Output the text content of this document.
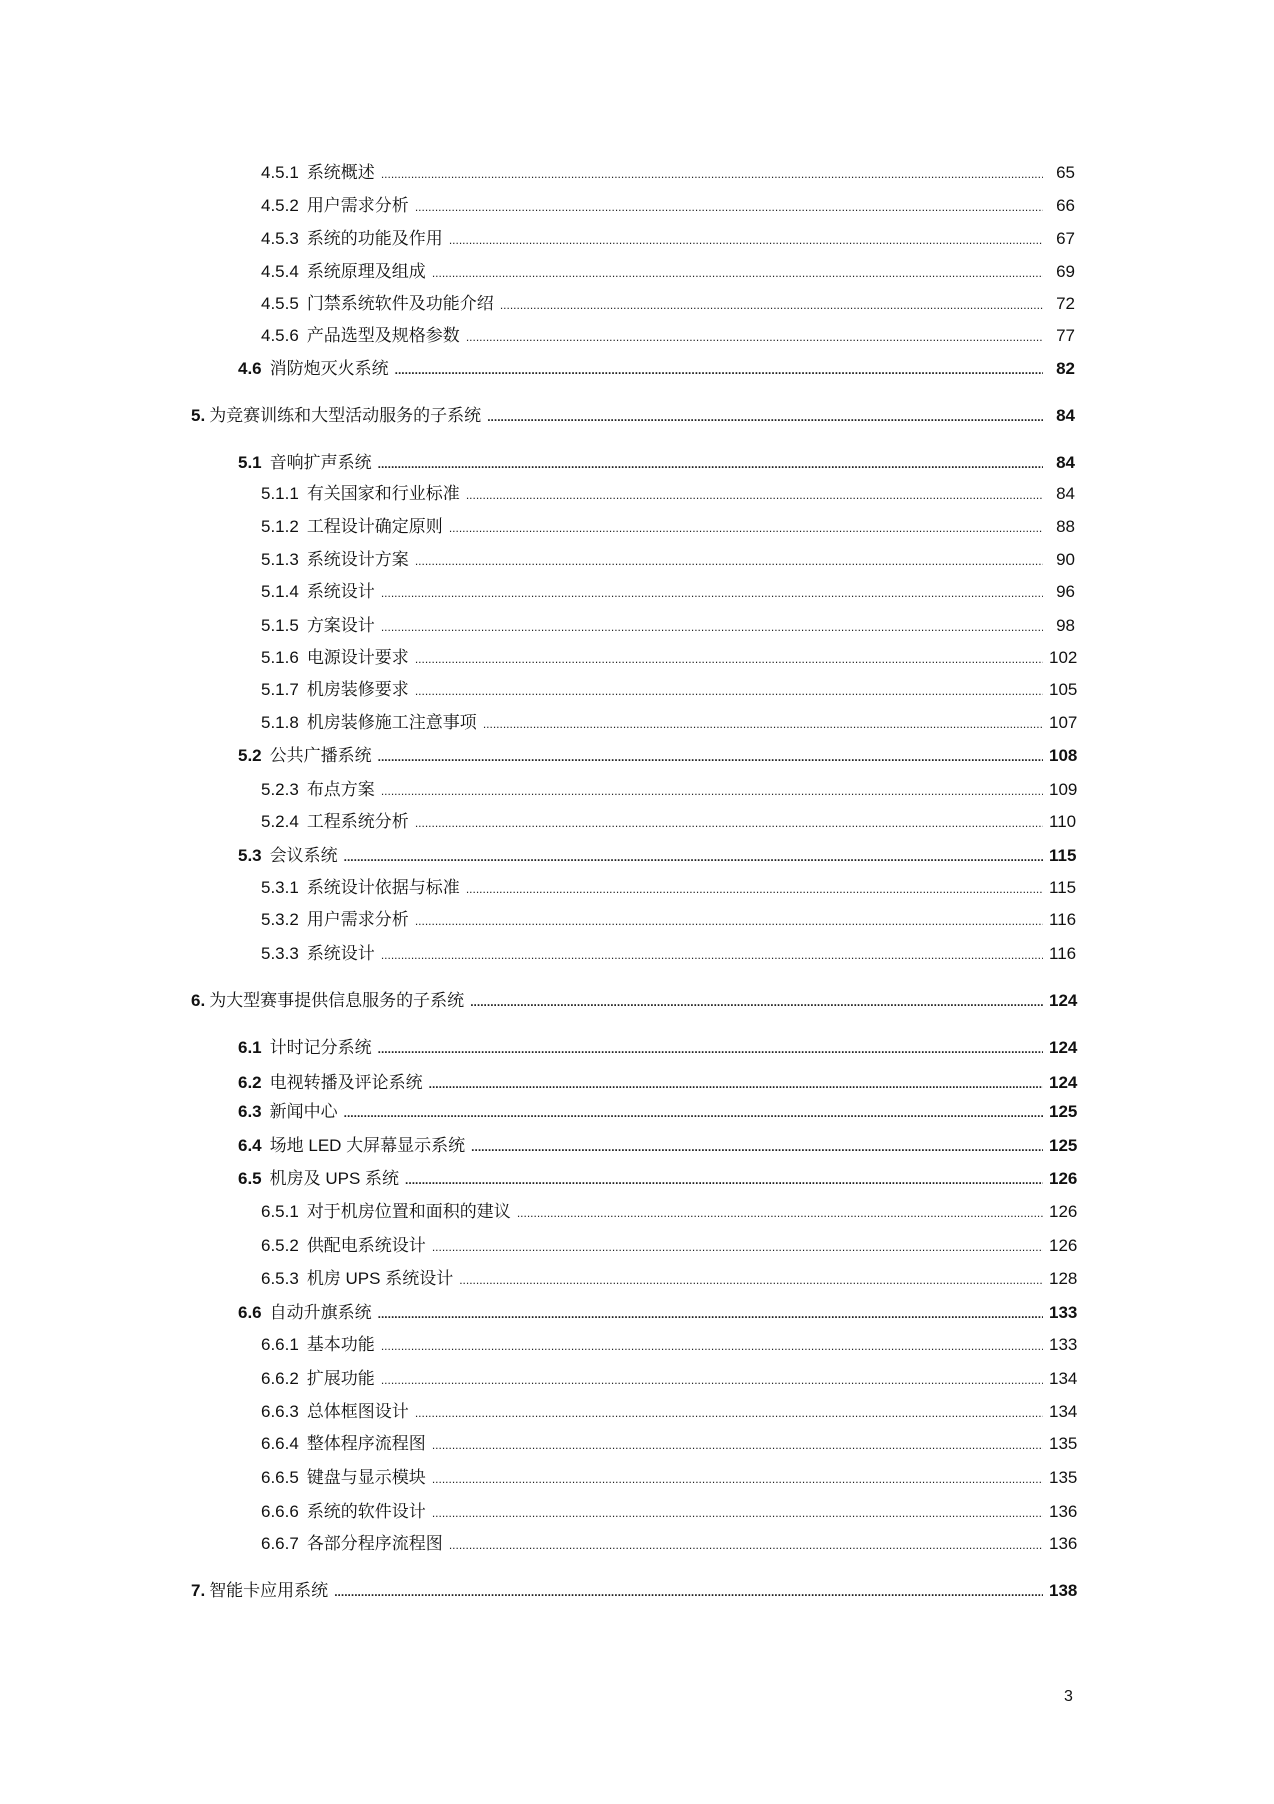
4.5.1 系统概述 .....	65
4.5.2 用户需求分析 .....	66
4.5.3 系统的功能及作用 .....	67
4.5.4 系统原理及组成 .....	69
4.5.5 门禁系统软件及功能介绍 .....	72
4.5.6 产品选型及规格参数 .....	77
4.6 消防炮灭火系统 .....	82
5. 为竞赛训练和大型活动服务的子系统 .....	84
5.1 音响扩声系统 .....	84
5.1.1 有关国家和行业标准 .....	84
5.1.2 工程设计确定原则 .....	88
5.1.3 系统设计方案 .....	90
5.1.4 系统设计 .....	96
5.1.5 方案设计 .....	98
5.1.6 电源设计要求 .....	102
5.1.7 机房装修要求 .....	105
5.1.8 机房装修施工注意事项 .....	107
5.2 公共广播系统 .....	108
5.2.3 布点方案 .....	109
5.2.4 工程系统分析 .....	110
5.3 会议系统 .....	115
5.3.1 系统设计依据与标准 .....	115
5.3.2 用户需求分析 .....	116
5.3.3 系统设计 .....	116
6. 为大型赛事提供信息服务的子系统 .....	124
6.1 计时记分系统 .....	124
6.2 电视转播及评论系统 .....	124
6.3 新闻中心 .....	125
6.4 场地 LED 大屏幕显示系统 .....	125
6.5 机房及 UPS 系统 .....	126
6.5.1 对于机房位置和面积的建议 .....	126
6.5.2 供配电系统设计 .....	126
6.5.3 机房 UPS 系统设计 .....	128
6.6 自动升旗系统 .....	133
6.6.1 基本功能 .....	133
6.6.2 扩展功能 .....	134
6.6.3 总体框图设计 .....	134
6.6.4 整体程序流程图 .....	135
6.6.5 键盘与显示模块 .....	135
6.6.6 系统的软件设计 .....	136
6.6.7 各部分程序流程图 .....	136
7. 智能卡应用系统 .....	138
3
